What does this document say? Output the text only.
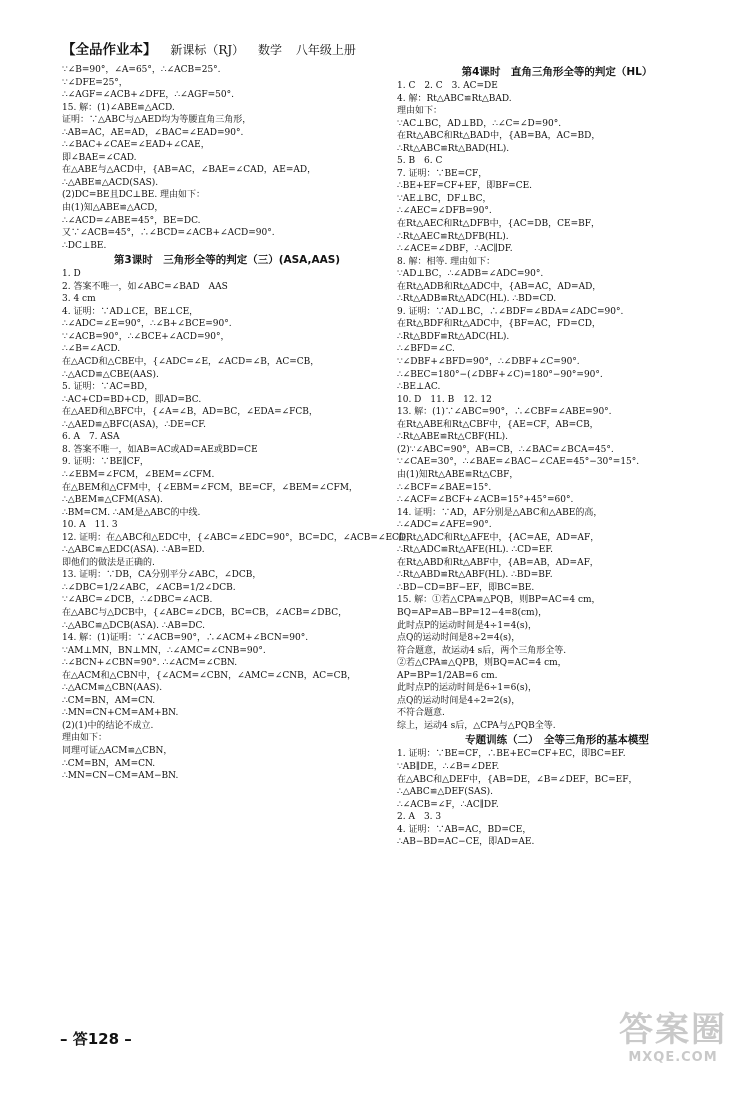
【全品作业本】 新课标（RJ） 数学 八年级上册
∵∠B=90°，∠A=65°，∴∠ACB=25°.
∵∠DFE=25°，
∴∠AGF=∠ACB+∠DFE，∴∠AGF=50°.
15. 解：(1)∠ABE≌△ACD.
证明：∵△ABC与△AED均为等腰直角三角形，
∴AB=AC，AE=AD，∠BAC=∠EAD=90°.
∴∠BAC+∠CAE=∠EAD+∠CAE，
即∠BAE=∠CAD.
在△ABE与△ACD中，{AB=AC，∠BAE=∠CAD，AE=AD，
∴△ABE≌△ACD(SAS).
(2)DC=BE且DC⊥BE. 理由如下：
由(1)知△ABE≌△ACD，
∴∠ACD=∠ABE=45°，BE=DC.
又∵∠ACB=45°，∴∠BCD=∠ACB+∠ACD=90°.
∴DC⊥BE.
第3课时　三角形全等的判定（三）(ASA,AAS)
1. D
2. 答案不唯一，如∠ABC=∠BAD　AAS
3. 4 cm
4. 证明：∵AD⊥CE，BE⊥CE，
∴∠ADC=∠E=90°，∴∠B+∠BCE=90°.
∵∠ACB=90°，∴∠BCE+∠ACD=90°，
∴∠B=∠ACD.
在△ACD和△CBE中，{∠ADC=∠E，∠ACD=∠B，AC=CB，
∴△ACD≌△CBE(AAS).
5. 证明：∵AC=BD，
∴AC+CD=BD+CD，即AD=BC.
在△AED和△BFC中，{∠A=∠B，AD=BC，∠EDA=∠FCB，
∴△AED≌△BFC(ASA)，∴DE=CF.
6. A　7. ASA
8. 答案不唯一，如AB=AC或AD=AE或BD=CE
9. 证明：∵BE∥CF，
∴∠EBM=∠FCM，∠BEM=∠CFM.
在△BEM和△CFM中，{∠EBM=∠FCM，BE=CF，∠BEM=∠CFM，
∴△BEM≌△CFM(ASA).
∴BM=CM. ∴AM是△ABC的中线.
10. A　11. 3
12. 证明：在△ABC和△EDC中，{∠ABC=∠EDC=90°，BC=DC，∠ACB=∠ECD，
∴△ABC≌△EDC(ASA). ∴AB=ED.
即他们的做法是正确的.
13. 证明：∵DB，CA分别平分∠ABC，∠DCB，
∴∠DBC=1/2∠ABC，∠ACB=1/2∠DCB.
∵∠ABC=∠DCB，∴∠DBC=∠ACB.
在△ABC与△DCB中，{∠ABC=∠DCB，BC=CB，∠ACB=∠DBC，
∴△ABC≌△DCB(ASA). ∴AB=DC.
14. 解：(1)证明：∵∠ACB=90°，∴∠ACM+∠BCN=90°.
∵AM⊥MN，BN⊥MN，∴∠AMC=∠CNB=90°.
∴∠BCN+∠CBN=90°. ∴∠ACM=∠CBN.
在△ACM和△CBN中，{∠ACM=∠CBN，∠AMC=∠CNB，AC=CB，
∴△ACM≌△CBN(AAS).
∴CM=BN，AM=CN.
∴MN=CN+CM=AM+BN.
(2)(1)中的结论不成立.
理由如下：
同理可证△ACM≌△CBN，
∴CM=BN，AM=CN.
∴MN=CN−CM=AM−BN.
第4课时　直角三角形全等的判定（HL）
1. C　2. C　3. AC=DE
4. 解：Rt△ABC≌Rt△BAD.
理由如下：
∵AC⊥BC，AD⊥BD，∴∠C=∠D=90°.
在Rt△ABC和Rt△BAD中，{AB=BA，AC=BD，
∴Rt△ABC≌Rt△BAD(HL).
5. B　6. C
7. 证明：∵BE=CF，
∴BE+EF=CF+EF，即BF=CE.
∵AE⊥BC，DF⊥BC，
∴∠AEC=∠DFB=90°.
在Rt△AEC和Rt△DFB中，{AC=DB，CE=BF，
∴Rt△AEC≌Rt△DFB(HL).
∴∠ACE=∠DBF，∴AC∥DF.
8. 解：相等. 理由如下：
∵AD⊥BC，∴∠ADB=∠ADC=90°.
在Rt△ADB和Rt△ADC中，{AB=AC，AD=AD，
∴Rt△ADB≌Rt△ADC(HL). ∴BD=CD.
9. 证明：∵AD⊥BC，∴∠BDF=∠BDA=∠ADC=90°.
在Rt△BDF和Rt△ADC中，{BF=AC，FD=CD，
∴Rt△BDF≌Rt△ADC(HL).
∴∠BFD=∠C.
∵∠DBF+∠BFD=90°，∴∠DBF+∠C=90°.
∴∠BEC=180°−(∠DBF+∠C)=180°−90°=90°.
∴BE⊥AC.
10. D　11. B　12. 12
13. 解：(1)∵∠ABC=90°，∴∠CBF=∠ABE=90°.
在Rt△ABE和Rt△CBF中，{AE=CF，AB=CB，
∴Rt△ABE≌Rt△CBF(HL).
(2)∵∠ABC=90°，AB=CB，∴∠BAC=∠BCA=45°.
∵∠CAE=30°，∴∠BAE=∠BAC−∠CAE=45°−30°=15°.
由(1)知Rt△ABE≌Rt△CBF，
∴∠BCF=∠BAE=15°.
∴∠ACF=∠BCF+∠ACB=15°+45°=60°.
14. 证明：∵AD，AF分别是△ABC和△ABE的高，
∴∠ADC=∠AFE=90°.
在Rt△ADC和Rt△AFE中，{AC=AE，AD=AF，
∴Rt△ADC≌Rt△AFE(HL). ∴CD=EF.
在Rt△ABD和Rt△ABF中，{AB=AB，AD=AF，
∴Rt△ABD≌Rt△ABF(HL). ∴BD=BF.
∴BD−CD=BF−EF，即BC=BE.
15. 解：①若△CPA≌△PQB，则BP=AC=4 cm，
BQ=AP=AB−BP=12−4=8(cm)，
此时点P的运动时间是4÷1=4(s)，
点Q的运动时间是8÷2=4(s)，
符合题意，故运动4 s后，两个三角形全等.
②若△CPA≌△QPB，则BQ=AC=4 cm，
AP=BP=1/2AB=6 cm.
此时点P的运动时间是6÷1=6(s)，
点Q的运动时间是4÷2=2(s)，
不符合题意.
综上，运动4 s后，△CPA与△PQB全等.
专题训练（二）　全等三角形的基本模型
1. 证明：∵BE=CF，∴BE+EC=CF+EC，即BC=EF.
∵AB∥DE，∴∠B=∠DEF.
在△ABC和△DEF中，{AB=DE，∠B=∠DEF，BC=EF，
∴△ABC≌△DEF(SAS).
∴∠ACB=∠F，∴AC∥DF.
2. A　3. 3
4. 证明：∵AB=AC，BD=CE，
∴AB−BD=AC−CE，即AD=AE.
– 答128 –	答案圈
MXQE.COM
